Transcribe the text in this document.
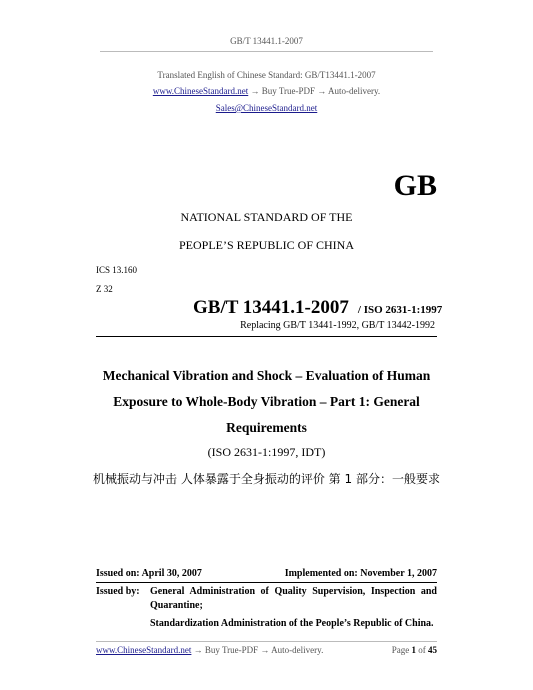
GB/T 13441.1-2007
Translated English of Chinese Standard: GB/T13441.1-2007
www.ChineseStandard.net → Buy True-PDF → Auto-delivery.
Sales@ChineseStandard.net
GB
NATIONAL STANDARD OF THE
PEOPLE’S REPUBLIC OF CHINA
ICS 13.160
Z 32
GB/T 13441.1-2007 / ISO 2631-1:1997
Replacing GB/T 13441-1992, GB/T 13442-1992
Mechanical Vibration and Shock – Evaluation of Human
Exposure to Whole-Body Vibration – Part 1: General
Requirements
(ISO 2631-1:1997, IDT)
机械振动与冲击 人体暴露于全身振动的评价 第 1 部分：一般要求
Issued on: April 30, 2007	Implemented on: November 1, 2007
Issued by: General Administration of Quality Supervision, Inspection and
Quarantine;
Standardization Administration of the People’s Republic of China.
www.ChineseStandard.net → Buy True-PDF → Auto-delivery.	Page 1 of 45
